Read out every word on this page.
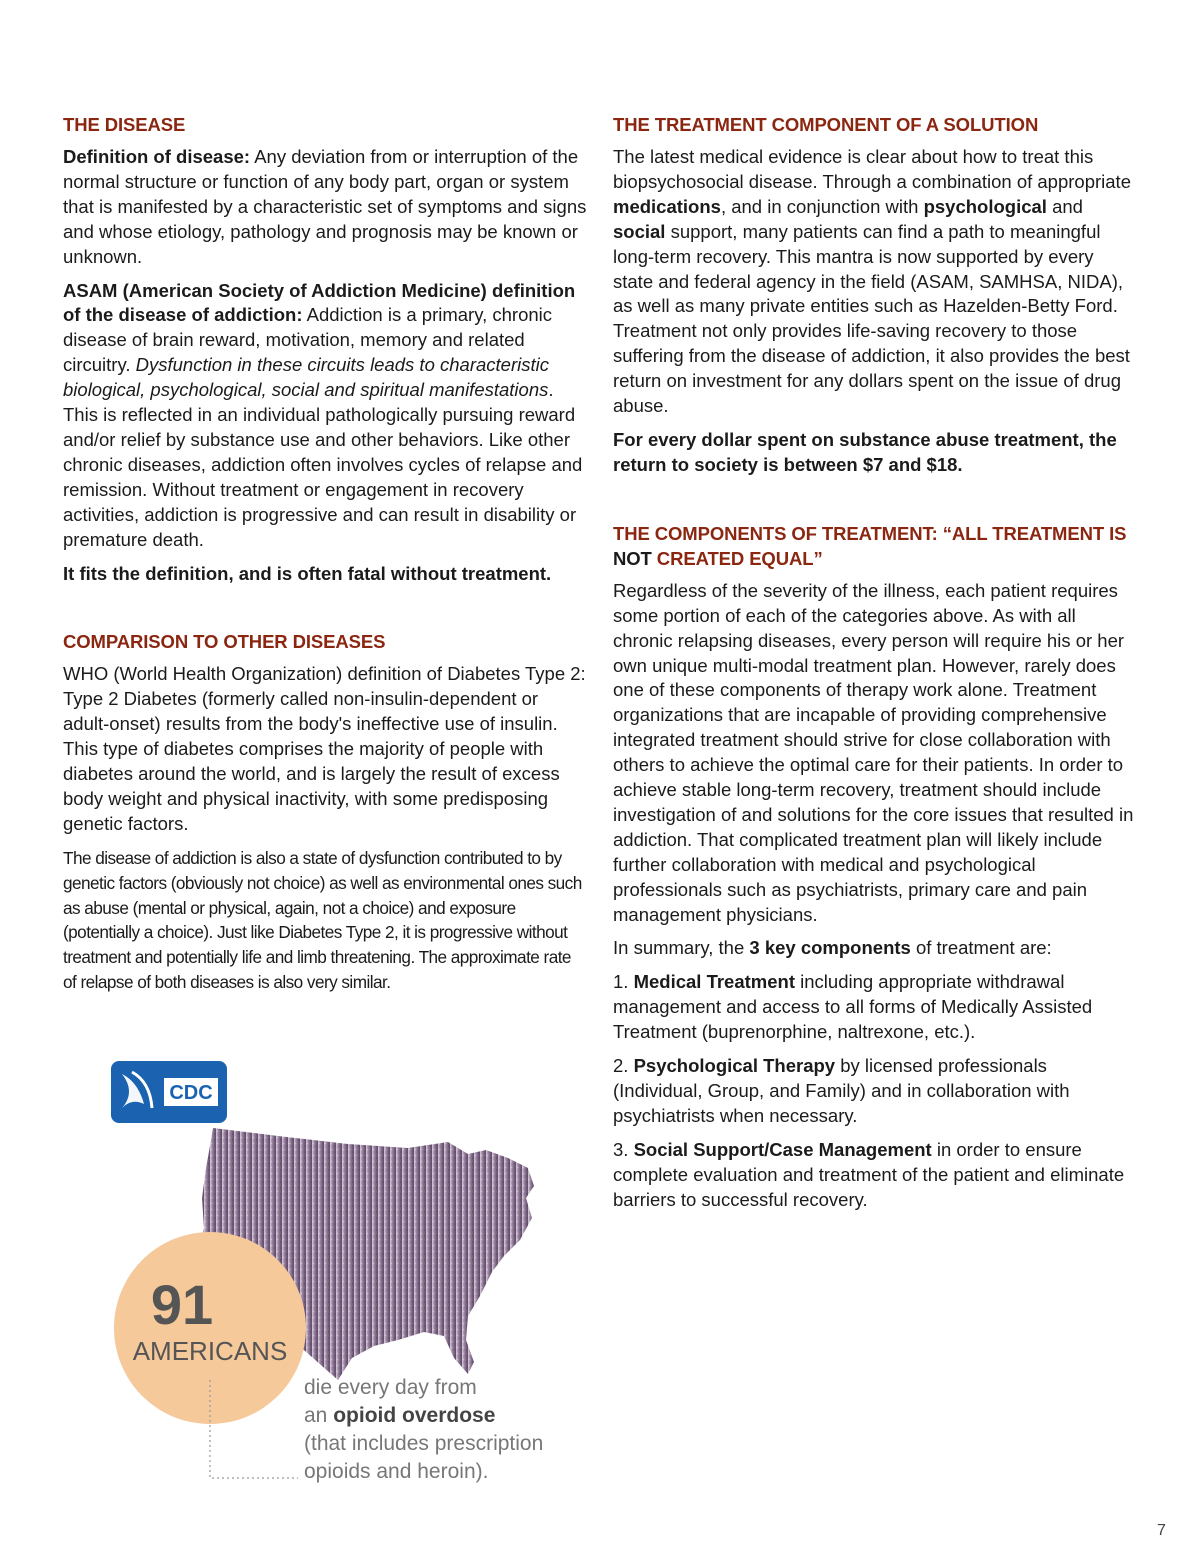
THE DISEASE

Definition of disease: Any deviation from or interruption of the normal structure or function of any body part, organ or system that is manifested by a characteristic set of symptoms and signs and whose etiology, pathology and prognosis may be known or unknown.

ASAM (American Society of Addiction Medicine) definition of the disease of addiction: Addiction is a primary, chronic disease of brain reward, motivation, memory and related circuitry. Dysfunction in these circuits leads to characteristic biological, psychological, social and spiritual manifestations. This is reflected in an individual pathologically pursuing reward and/or relief by substance use and other behaviors. Like other chronic diseases, addiction often involves cycles of relapse and remission. Without treatment or engagement in recovery activities, addiction is progressive and can result in disability or premature death.

It fits the definition, and is often fatal without treatment.

COMPARISON TO OTHER DISEASES

WHO (World Health Organization) definition of Diabetes Type 2: Type 2 Diabetes (formerly called non-insulin-dependent or adult-onset) results from the body's ineffective use of insulin. This type of diabetes comprises the majority of people with diabetes around the world, and is largely the result of excess body weight and physical inactivity, with some predisposing genetic factors.

The disease of addiction is also a state of dysfunction contributed to by genetic factors (obviously not choice) as well as environmental ones such as abuse (mental or physical, again, not a choice) and exposure (potentially a choice). Just like Diabetes Type 2, it is progressive without treatment and potentially life and limb threatening. The approximate rate of relapse of both diseases is also very similar.

CDC
91
AMERICANS
die every day from
an opioid overdose
(that includes prescription
opioids and heroin).
THE TREATMENT COMPONENT OF A SOLUTION

The latest medical evidence is clear about how to treat this biopsychosocial disease. Through a combination of appropriate medications, and in conjunction with psychological and social support, many patients can find a path to meaningful long-term recovery. This mantra is now supported by every state and federal agency in the field (ASAM, SAMHSA, NIDA), as well as many private entities such as Hazelden-Betty Ford. Treatment not only provides life-saving recovery to those suffering from the disease of addiction, it also provides the best return on investment for any dollars spent on the issue of drug abuse.

For every dollar spent on substance abuse treatment, the return to society is between $7 and $18.

THE COMPONENTS OF TREATMENT: “ALL TREATMENT IS NOT CREATED EQUAL”

Regardless of the severity of the illness, each patient requires some portion of each of the categories above. As with all chronic relapsing diseases, every person will require his or her own unique multi-modal treatment plan. However, rarely does one of these components of therapy work alone. Treatment organizations that are incapable of providing comprehensive integrated treatment should strive for close collaboration with others to achieve the optimal care for their patients. In order to achieve stable long-term recovery, treatment should include investigation of and solutions for the core issues that resulted in addiction. That complicated treatment plan will likely include further collaboration with medical and psychological professionals such as psychiatrists, primary care and pain management physicians.

In summary, the 3 key components of treatment are:

1. Medical Treatment including appropriate withdrawal management and access to all forms of Medically Assisted Treatment (buprenorphine, naltrexone, etc.).

2. Psychological Therapy by licensed professionals (Individual, Group, and Family) and in collaboration with psychiatrists when necessary.

3. Social Support/Case Management in order to ensure complete evaluation and treatment of the patient and eliminate barriers to successful recovery.

7
